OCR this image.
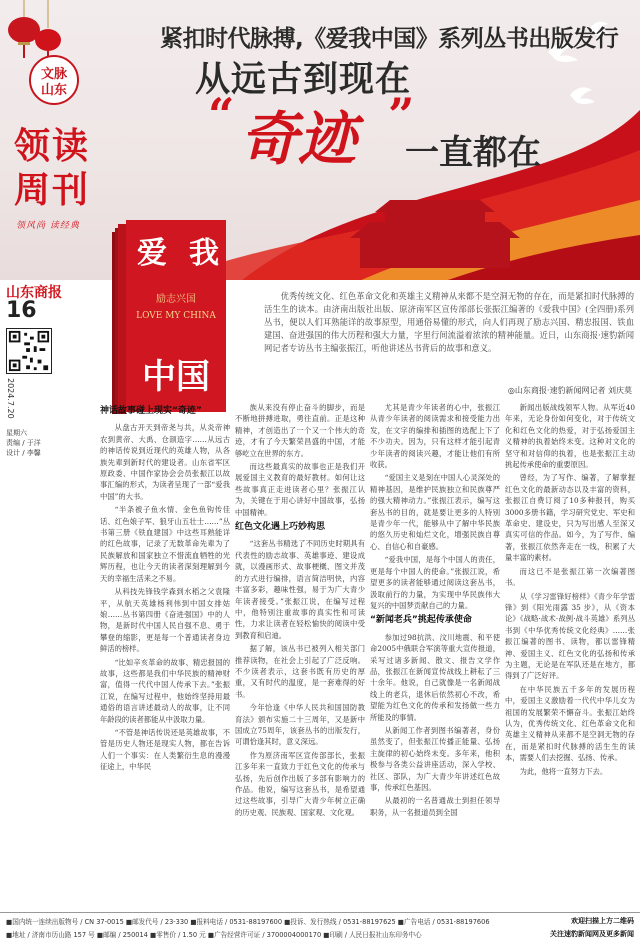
紧扣时代脉搏,《爱我中国》系列丛书出版发行
从远古到现在
“ 奇迹 ”
一直都在
文脉
山东
领读
周刊
领风尚 读经典
山东商报
16
2024.7.20
星期六
责编 / 于洋
设计 / 李馨
爱 我
励志兴国
LOVE MY CHINA
中国
优秀传统文化、红色革命文化和英雄主义精神从来都不是空洞无物的存在，而是紧扣时代脉搏的活生生的读本。由济南出版社出版、原济南军区宣传部部长张振江编著的《爱我中国》(全四册)系列丛书，便以人们耳熟能详的故事原型，用通俗易懂的形式，向人们再现了励志兴国、精忠报国、铁血建国、奋进强国的伟大历程和强大力量，字里行间流溢着浓浓的精神能量。近日，山东商报·速豹新闻网记者专访丛书主编张振江，听他讲述丛书背后的故事和意义。
◎山东商报·速豹新闻网记者 刘庆莫
神话故事碰上现实“奇迹”

从盘古开天到帝尧与共，从炎帝神农到黄帝、大禹、仓颉造字……从远古的神话传说到近现代的英雄人物，从各族先辈到新时代的建设者。山东省军区原政委、中国作家协会会员张振江以故事汇编的形式，为读者呈现了一部“爱我中国”的大书。

“半条被子鱼水情、金色鱼钩传佳话、红色娘子军、狼牙山五壮士……”丛书第三册《铁血建国》中这些耳熟能详的红色故事，记录了无数革命先辈为了民族解放和国家独立不惜流血牺牲的光辉历程，也让今天的读者深刻理解到今天的幸福生活来之不易。

从科技先锋钱学森到水稻之父袁隆平，从航天英雄杨利伟到中国女排姑娘……丛书第四册《奋进强国》中的人物，是新时代中国人民自强不息、勇于攀登的缩影，更是每一个普通读者身边鲜活的榜样。

“比如辛亥革命的故事、精忠报国的故事，这些都是我们中华民族的精神财富，值得一代代中国人传承下去。”张振江说，在编写过程中，他始终坚持用最通俗的语言讲述最动人的故事，让不同年龄段的读者都能从中汲取力量。

“不管是神话传说还是英雄故事，不管是历史人物还是现实人物，都在告诉人们一个事实：在人类繁衍生息的漫漫征途上，中华民

族从来没有停止奋斗的脚步，而是不断地拼搏进取，勇往直前。正是这种精神，才创造出了一个又一个伟大的奇迹，才有了今天繁荣昌盛的中国，才能够屹立在世界的东方。

而这些最真实的故事也正是我们开展爱国主义教育的最好教材。如何让这些故事真正走进读者心里？张振江认为，关键在于用心讲好中国故事，弘扬中国精神。

红色文化遇上巧妙构思

“这套丛书精选了不同历史时期具有代表性的励志故事、英雄事迹、建设成就，以漫画形式、故事梗概、图文并茂的方式进行编排，语言简洁明快，内容丰富多彩，趣味性强，易于为广大青少年读者接受。”张振江说，在编写过程中，他特别注重故事的真实性和可读性，力求让读者在轻松愉快的阅读中受到教育和启迪。

据了解，该丛书已被列入相关部门推荐读物，在社会上引起了广泛反响。不少读者表示，这套书既有历史的厚重，又有时代的温度，是一套难得的好书。

今年恰逢《中华人民共和国国防教育法》颁布实施二十三周年，又是新中国成立75周年，该套丛书的出版发行，可谓恰逢其时，意义深远。

作为原济南军区宣传部部长，张振江多年来一直致力于红色文化的传承与弘扬，先后创作出版了多部有影响力的作品。他说，编写这套丛书，是希望通过这些故事，引导广大青少年树立正确的历史观、民族观、国家观、文化观。

尤其是青少年读者的心中，张振江从青少年读者的阅读需求和接受能力出发，在文字的编排和插图的选配上下了不少功夫。因为，只有这样才能引起青少年读者的阅读兴趣，才能让他们有所收获。

“爱国主义是刻在中国人心灵深处的精神基因，是维护民族独立和民族尊严的强大精神动力。”张振江表示，编写这套丛书的目的，就是要让更多的人特别是青少年一代，能够从中了解中华民族的悠久历史和灿烂文化，增强民族自尊心、自信心和自豪感。

“爱我中国，是每个中国人的责任，更是每个中国人的使命。”张振江说，希望更多的读者能够通过阅读这套丛书，汲取前行的力量，为实现中华民族伟大复兴的中国梦贡献自己的力量。

“新闻老兵”挑起传承使命

参加过98抗洪、汶川地震、和平使命2005中俄联合军演等重大宣传报道，采写过诸多新闻、散文、报告文学作品，张振江在新闻宣传战线上耕耘了三十余年。他说，自己就像是一名新闻战线上的老兵，退休后依然初心不改，希望能为红色文化的传承和发扬做一些力所能及的事情。

从新闻工作者到图书编著者，身份虽然变了，但张振江传播正能量、弘扬主旋律的初心始终未变。多年来，他积极参与各类公益讲座活动，深入学校、社区、部队，为广大青少年讲述红色故事，传承红色基因。

从最初的一名普通战士到担任领导职务，从一名报道员到全国

新闻出版战线领军人物。从军近40年来，无论身份如何变化，对于传统文化和红色文化的热爱，对于弘扬爱国主义精神的执着始终未变。这种对文化的坚守和对信仰的执着，也是张振江主动挑起传承使命的重要原因。

曾经，为了写作、编著，了解掌握红色文化的最新动态以及丰富的资料，张振江自费订阅了10多种报刊，购买3000多册书籍，学习研究党史、军史和革命史、建设史，只为写出感人至深又真实可信的作品。如今，为了写作、编著，张振江依然奔走在一线，积累了大量丰富的素材。

而这已不是张振江第一次编著图书。

从《学习雷锋好榜样》《青少年学雷锋》到《阳光雨露 35 步》，从《资本论》《战略·战术·战例·战斗英雄》系列丛书到《中华优秀传统文化经典》……张振江编著的图书、读物，都以雷锋精神、爱国主义、红色文化的弘扬和传承为主题，无论是在军队还是在地方，都得到了广泛好评。

在中华民族五千多年的发展历程中，爱国主义激励着一代代中华儿女为祖国的发展繁荣不懈奋斗。张振江始终认为，优秀传统文化、红色革命文化和英雄主义精神从来都不是空洞无物的存在，而是紧扣时代脉搏的活生生的读本，需要人们去挖掘、弘扬、传承。

为此，他将一直努力下去。

■国内统一连续出版物号 / CN 37-0015 ■邮发代号 / 23-330 ■报料电话 / 0531-88197600 ■投诉、发行热线 / 0531-88197625 ■广告电话 / 0531-88197606
■地址 / 济南市历山路 157 号 ■邮编 / 250014 ■零售价 / 1.50 元 ■广告经营许可证 / 3700004000170 ■印刷 / 人民日报社山东印务中心
欢迎扫描上方二维码
关注速豹新闻网及更多新闻
